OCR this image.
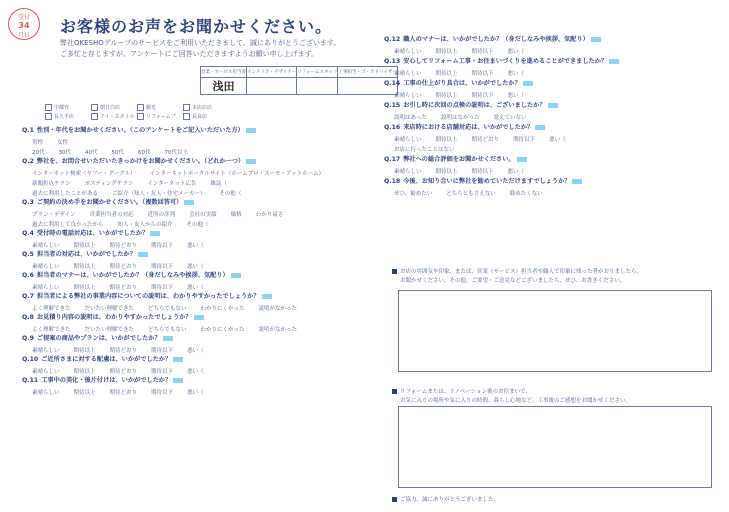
受付
34
月日	お客様のお声をお聞かせください。
弊社OKESHOグループのサービスをご利用いただきまして、誠にありがとうございます。
ご多忙と存じますが、アンケートにご回答いただきますようお願い申し上げます。
営業・サービス担当者	インテリア・デザイナー	リフォームスタッフ	工事担当・ゴ・アドバイザー
浅田			
宇都宮	朝日白店	観光	本店店店
長久手店	アイ・スタイル リフォームプ	長良店
Q.1 性別・年代をお聞かせください。（このアンケートをご記入いただいた方）
男性	女性
20代	30代	40代	50代	60代	70代以上
Q.2 弊社を、お問合せいただいたきっかけをお聞かせください。（どれか一つ）
インターネット検索（ヤフー・グーグル）	インターネットポータルサイト（ホームプロ・スーモ・アットホーム）
新聞折込チラシ	ポスティングチラシ	インターネット広告	雑誌（
過去に利用したことがある	ご紹介（知人・友人・住宅メーカー）	その他（
Q.3 ご契約の決め手をお聞かせください。（複数回答可）
プラン・デザイン	営業担当者の対応	近所の評判	会社の実績	価格	わかり易さ
過去に利用して良かったから	知人・友人からの紹介	その他（
Q.4 受付時の電話対応は、いかがでしたか？
素晴らしい	期待以上	期待どおり	期待以下	悪い（
Q.5 担当者の対応は、いかがでしたか？
素晴らしい	期待以上	期待どおり	期待以下	悪い（
Q.6 担当者のマナーは、いかがでしたか？（身だしなみや挨拶、気配り）
素晴らしい	期待以上	期待どおり	期待以下	悪い（
Q.7 担当者による弊社の事業内容についての説明は、わかりやすかったでしょうか？
よく理解できた	だいたい理解できた	どちらでもない	わかりにくかった	説明がなかった
Q.8 お見積り内容の説明は、わかりやすかったでしょうか？
よく理解できた	だいたい理解できた	どちらでもない	わかりにくかった	説明がなかった
Q.9 ご提案の商品やプランは、いかがでしたか？
素晴らしい	期待以上	期待どおり	期待以下	悪い（
Q.10 ご近所さまに対する配慮は、いかがでしたか？
素晴らしい	期待以上	期待どおり	期待以下	悪い（
Q.11 工事中の美化・後片付けは、いかがでしたか？
素晴らしい	期待以上	期待どおり	期待以下	悪い（
Q.12 職人のマナーは、いかがでしたか？（身だしなみや挨拶、気配り）
素晴らしい	期待以上	期待以下	悪い（
Q.13 安心してリフォーム工事・お住まいづくりを進めることができましたか？
素晴らしい	期待以上	期待以下	悪い（
Q.14 工事の仕上がり具合は、いかがでしたか？
素晴らしい	期待以上	期待以下	悪い（
Q.15 お引し時に次回の点検の説明は、ございましたか？
説明はあった	説明はなかった	覚えていない
Q.16 来店時における店舗対応は、いかがでしたか？
素晴らしい	期待以上	期待どおり	期待以下	悪い（
お店に行ったことはない
Q.17 弊社への総合評価をお聞かせください。
素晴らしい	期待以上	期待以下	悪い（
Q.18 今後、お知り合いに弊社を勧めていただけますでしょうか？
ぜひ、勧めたい	どちらとも言えない	勧めたくない
お店の雰囲気や印象、または、営業（サービス）担当者や職人で印象に残った者がおりましたら、
お聞かせください。その他、ご要望・ご意見などございましたら、ぜひ、お書きください。
リフォームまたは、リノベーション後のお住まいで、
お気に入りの場所や気に入りの時間、暮らし心地など、工事後のご感想をお聞かせください。
ご協力、誠にありがとうございました。
